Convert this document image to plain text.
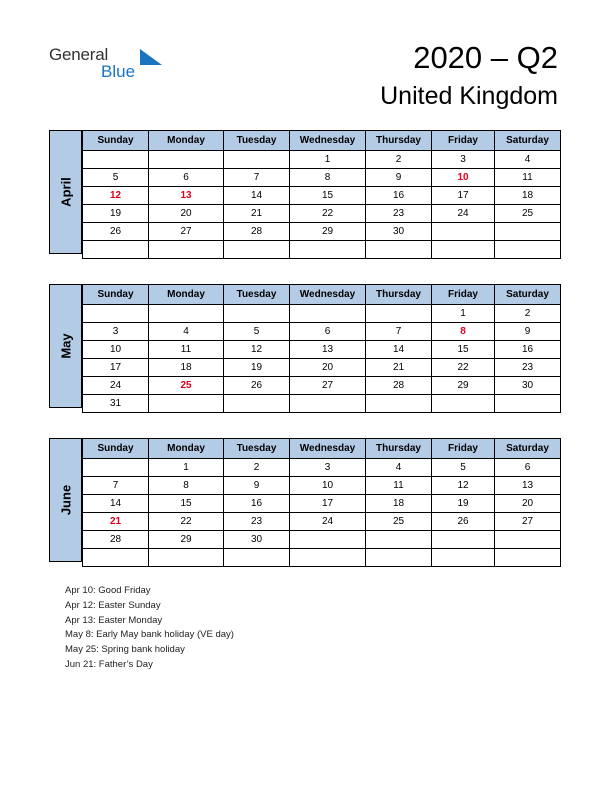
General
Blue	2020 – Q2
United Kingdom
April
Sunday	Monday	Tuesday	Wednesday	Thursday	Friday	Saturday
			1	2	3	4
5	6	7	8	9	10	11
12	13	14	15	16	17	18
19	20	21	22	23	24	25
26	27	28	29	30		

May
Sunday	Monday	Tuesday	Wednesday	Thursday	Friday	Saturday
					1	2
3	4	5	6	7	8	9
10	11	12	13	14	15	16
17	18	19	20	21	22	23
24	25	26	27	28	29	30
31						
June
Sunday	Monday	Tuesday	Wednesday	Thursday	Friday	Saturday
	1	2	3	4	5	6
7	8	9	10	11	12	13
14	15	16	17	18	19	20
21	22	23	24	25	26	27
28	29	30				

Apr 10: Good Friday
Apr 12: Easter Sunday
Apr 13: Easter Monday
May 8: Early May bank holiday (VE day)
May 25: Spring bank holiday
Jun 21: Father’s Day
